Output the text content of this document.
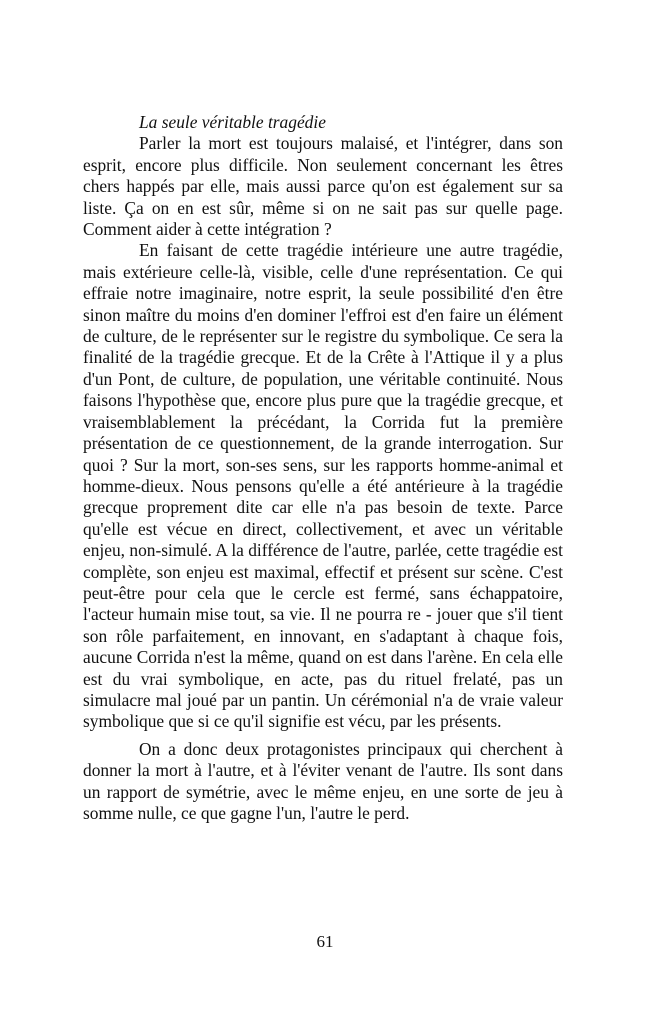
La seule véritable tragédie

Parler la mort est toujours malaisé, et l'intégrer, dans son esprit, encore plus difficile. Non seulement concernant les êtres chers happés par elle, mais aussi parce qu'on est également sur sa liste. Ça on en est sûr, même si on ne sait pas sur quelle page. Comment aider à cette intégration ?

En faisant de cette tragédie intérieure une autre tragédie, mais extérieure celle-là, visible, celle d'une représentation. Ce qui effraie notre imaginaire, notre esprit, la seule possibilité d'en être sinon maître du moins d'en dominer l'effroi est d'en faire un élément de culture, de le représenter sur le registre du symbolique. Ce sera la finalité de la tragédie grecque. Et de la Crête à l'Attique il y a plus d'un Pont, de culture, de population, une véritable continuité. Nous faisons l'hypothèse que, encore plus pure que la tragédie grecque, et vraisemblablement la précédant, la Corrida fut la première présentation de ce questionnement, de la grande interrogation. Sur quoi ? Sur la mort, son-ses sens, sur les rapports homme-animal et homme-dieux. Nous pensons qu'elle a été antérieure à la tragédie grecque proprement dite car elle n'a pas besoin de texte. Parce qu'elle est vécue en direct, collectivement, et avec un véritable enjeu, non-simulé. A la différence de l'autre, parlée, cette tragédie est complète, son enjeu est maximal, effectif et présent sur scène. C'est peut-être pour cela que le cercle est fermé, sans échappatoire, l'acteur humain mise tout, sa vie. Il ne pourra re - jouer que s'il tient son rôle parfaitement, en innovant, en s'adaptant à chaque fois, aucune Corrida n'est la même, quand on est dans l'arène. En cela elle est du vrai symbolique, en acte, pas du rituel frelaté, pas un simulacre mal joué par un pantin. Un cérémonial n'a de vraie valeur symbolique que si ce qu'il signifie est vécu, par les présents.

On a donc deux protagonistes principaux qui cherchent à donner la mort à l'autre, et à l'éviter venant de l'autre. Ils sont dans un rapport de symétrie, avec le même enjeu, en une sorte de jeu à somme nulle, ce que gagne l'un, l'autre le perd.

61
